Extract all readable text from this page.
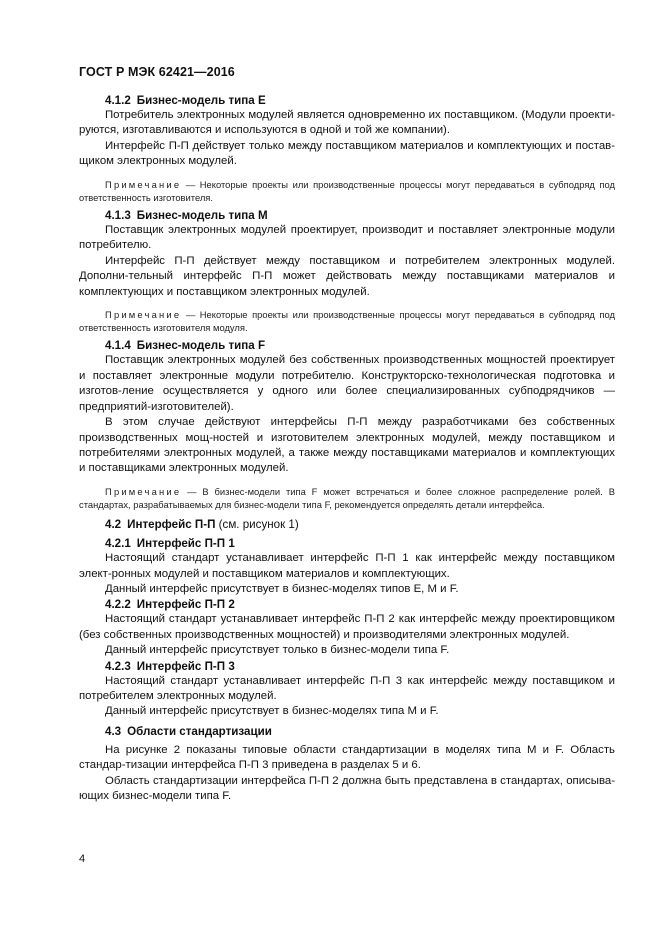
ГОСТ Р МЭК 62421—2016
4.1.2 Бизнес-модель типа E

Потребитель электронных модулей является одновременно их поставщиком. (Модули проекти-руются, изготавливаются и используются в одной и той же компании).

Интерфейс П-П действует только между поставщиком материалов и комплектующих и постав-щиком электронных модулей.

Примечание — Некоторые проекты или производственные процессы могут передаваться в субподряд под ответственность изготовителя.

4.1.3 Бизнес-модель типа M

Поставщик электронных модулей проектирует, производит и поставляет электронные модули потребителю.

Интерфейс П-П действует между поставщиком и потребителем электронных модулей. Дополни-тельный интерфейс П-П может действовать между поставщиками материалов и комплектующих и поставщиком электронных модулей.

Примечание — Некоторые проекты или производственные процессы могут передаваться в субподряд под ответственность изготовителя модуля.

4.1.4 Бизнес-модель типа F

Поставщик электронных модулей без собственных производственных мощностей проектирует и поставляет электронные модули потребителю. Конструкторско-технологическая подготовка и изготов-ление осуществляется у одного или более специализированных субподрядчиков — предприятий-изготовителей).

В этом случае действуют интерфейсы П-П между разработчиками без собственных производственных мощ-ностей и изготовителем электронных модулей, между поставщиком и потребителями электронных модулей, а также между поставщиками материалов и комплектующих и поставщиками электронных модулей.

Примечание — В бизнес-модели типа F может встречаться и более сложное распределение ролей. В стандартах, разрабатываемых для бизнес-модели типа F, рекомендуется определять детали интерфейса.

4.2 Интерфейс П-П (см. рисунок 1)
4.2.1 Интерфейс П-П 1

Настоящий стандарт устанавливает интерфейс П-П 1 как интерфейс между поставщиком элект-ронных модулей и поставщиком материалов и комплектующих.

Данный интерфейс присутствует в бизнес-моделях типов E, M и F.

4.2.2 Интерфейс П-П 2

Настоящий стандарт устанавливает интерфейс П-П 2 как интерфейс между проектировщиком (без собственных производственных мощностей) и производителями электронных модулей.

Данный интерфейс присутствует только в бизнес-модели типа F.

4.2.3 Интерфейс П-П 3

Настоящий стандарт устанавливает интерфейс П-П 3 как интерфейс между поставщиком и потребителем электронных модулей.

Данный интерфейс присутствует в бизнес-моделях типа M и F.

4.3 Области стандартизации

На рисунке 2 показаны типовые области стандартизации в моделях типа M и F. Область стандар-тизации интерфейса П-П 3 приведена в разделах 5 и 6.

Область стандартизации интерфейса П-П 2 должна быть представлена в стандартах, описыва-ющих бизнес-модели типа F.

4
